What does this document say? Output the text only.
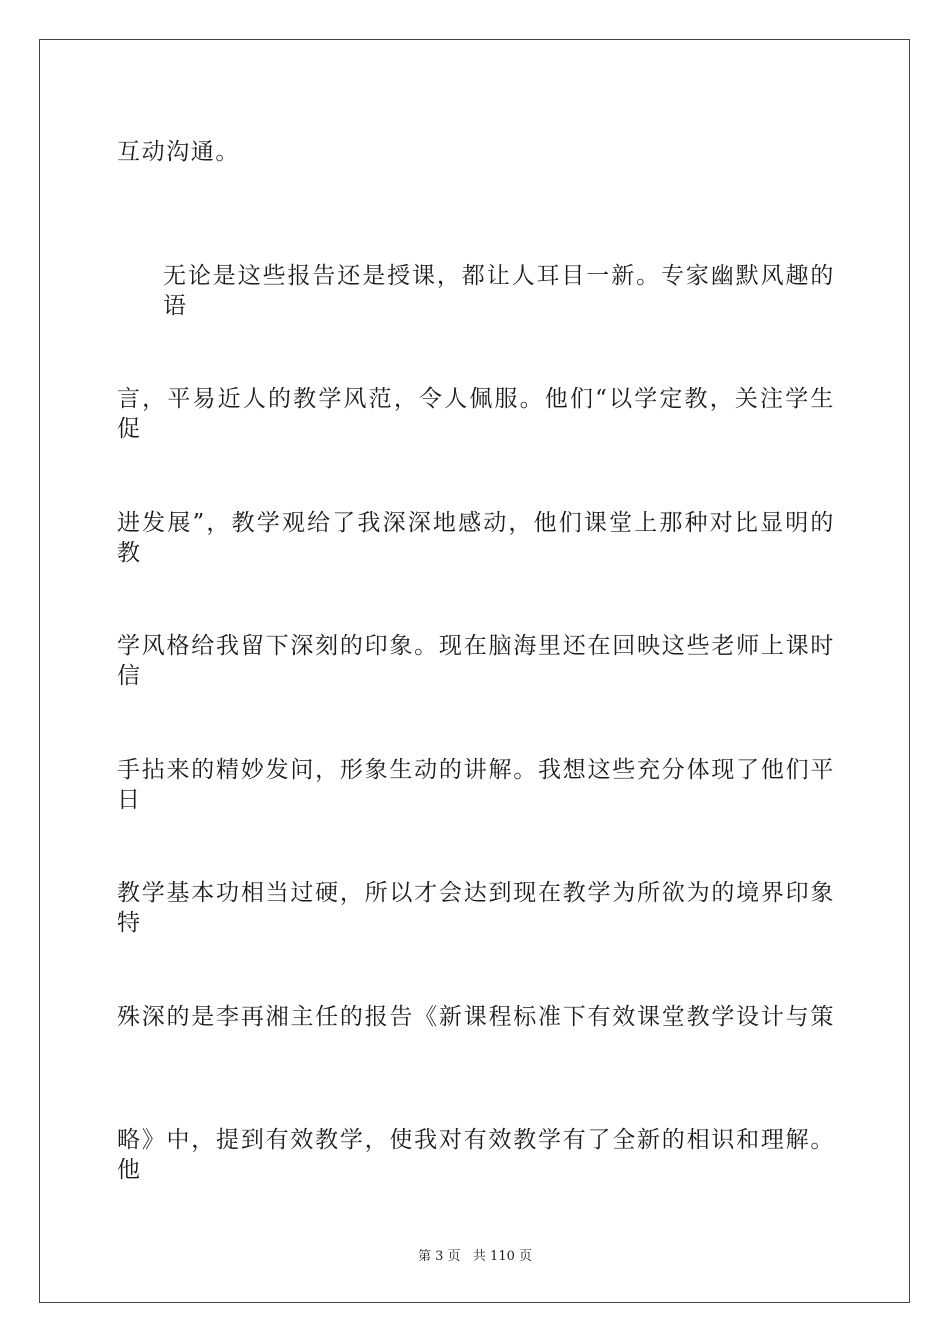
互动沟通。
无论是这些报告还是授课，都让人耳目一新。专家幽默风趣的语
言，平易近人的教学风范，令人佩服。他们“以学定教，关注学生促
进发展”，教学观给了我深深地感动，他们课堂上那种对比显明的教
学风格给我留下深刻的印象。现在脑海里还在回映这些老师上课时信
手拈来的精妙发问，形象生动的讲解。我想这些充分体现了他们平日
教学基本功相当过硬，所以才会达到现在教学为所欲为的境界印象特
殊深的是李再湘主任的报告《新课程标准下有效课堂教学设计与策
略》中，提到有效教学，使我对有效教学有了全新的相识和理解。他
第 3 页   共 110 页
